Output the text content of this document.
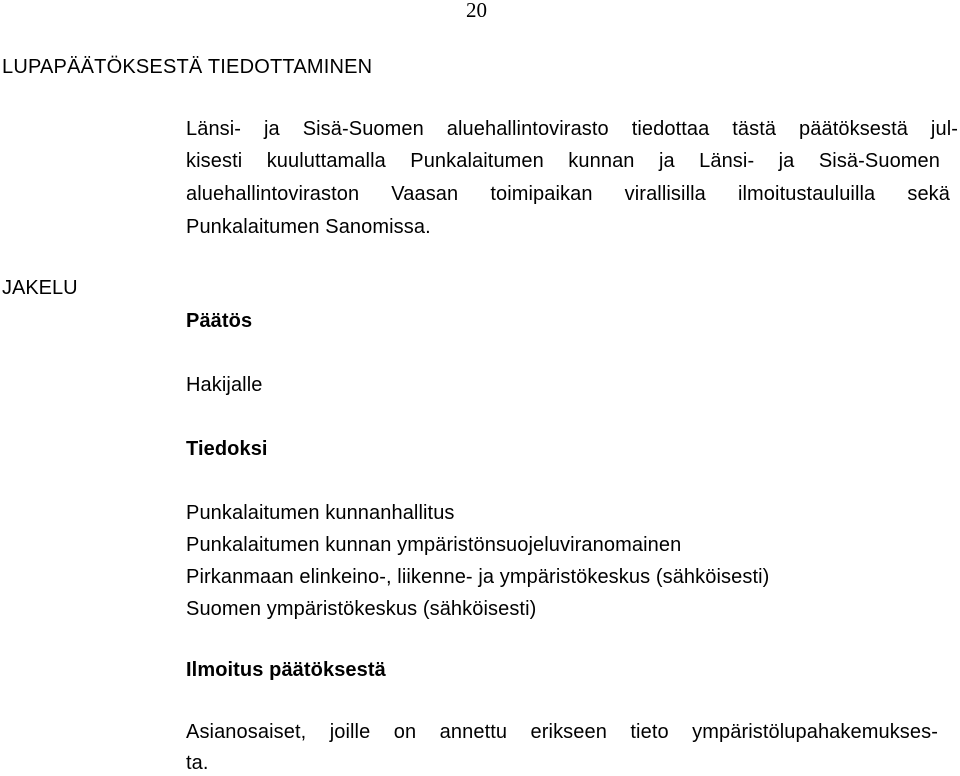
20
LUPAPÄÄTÖKSESTÄ TIEDOTTAMINEN
Länsi- ja Sisä-Suomen aluehallintovirasto tiedottaa tästä päätöksestä jul-
kisesti kuuluttamalla Punkalaitumen kunnan ja Länsi- ja Sisä-Suomen
aluehallintoviraston Vaasan toimipaikan virallisilla ilmoitustauluilla sekä
Punkalaitumen Sanomissa.
JAKELU
Päätös
Hakijalle
Tiedoksi
Punkalaitumen kunnanhallitus
Punkalaitumen kunnan ympäristönsuojeluviranomainen
Pirkanmaan elinkeino-, liikenne- ja ympäristökeskus (sähköisesti)
Suomen ympäristökeskus (sähköisesti)
Ilmoitus päätöksestä
Asianosaiset, joille on annettu erikseen tieto ympäristölupahakemukses-
ta.
